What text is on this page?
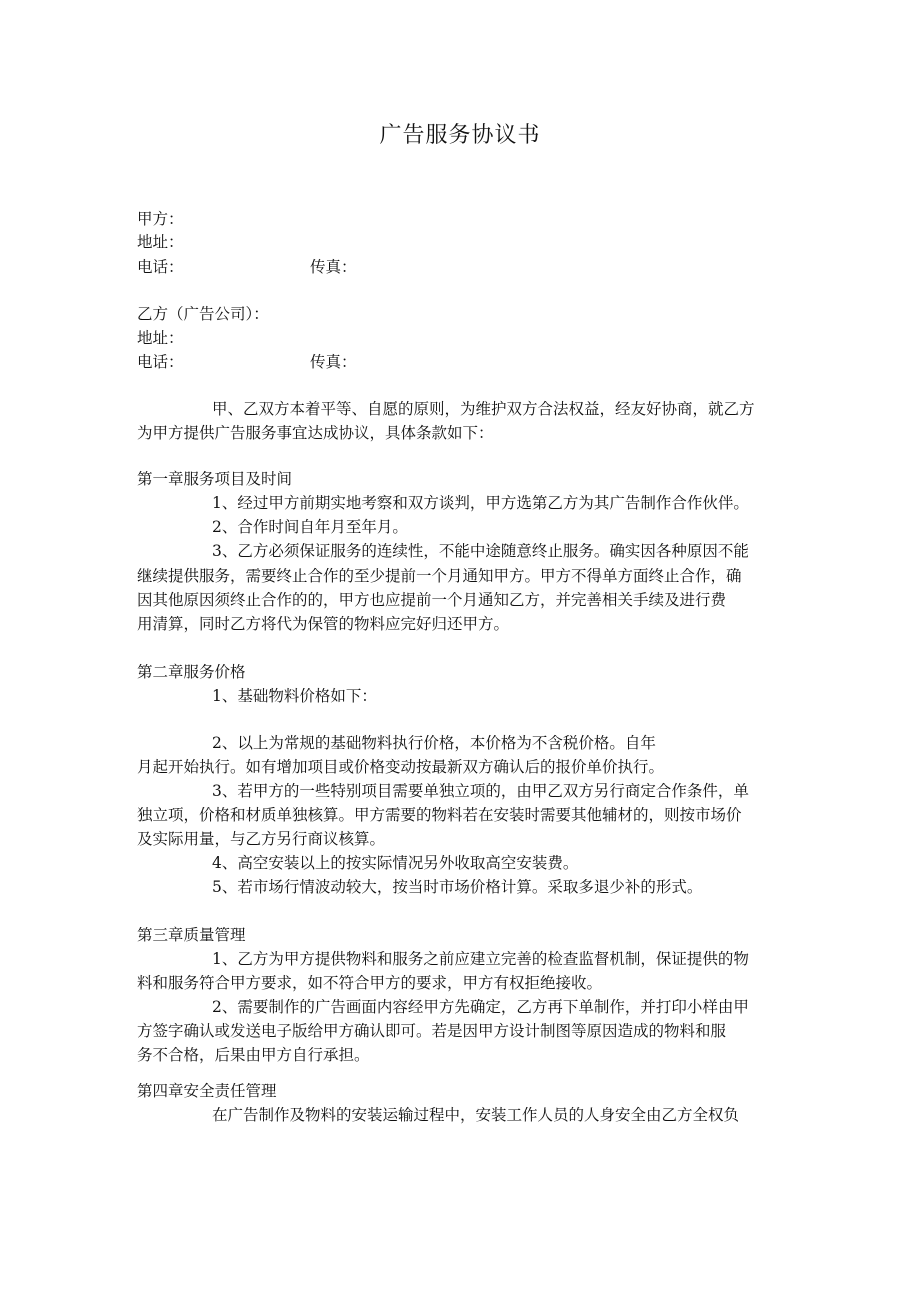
广告服务协议书
甲方：
地址：
电话：	传真：
乙方（广告公司）：
地址：
电话：	传真：
甲、乙双方本着平等、自愿的原则，为维护双方合法权益，经友好协商，就乙方
为甲方提供广告服务事宜达成协议，具体条款如下：
第一章服务项目及时间
1、经过甲方前期实地考察和双方谈判，甲方选第乙方为其广告制作合作伙伴。
2、合作时间自年月至年月。
3、乙方必须保证服务的连续性，不能中途随意终止服务。确实因各种原因不能
继续提供服务，需要终止合作的至少提前一个月通知甲方。甲方不得单方面终止合作，确
因其他原因须终止合作的的，甲方也应提前一个月通知乙方，并完善相关手续及进行费
用清算，同时乙方将代为保管的物料应完好归还甲方。
第二章服务价格
1、基础物料价格如下：
2、以上为常规的基础物料执行价格，本价格为不含税价格。自年
月起开始执行。如有增加项目或价格变动按最新双方确认后的报价单价执行。
3、若甲方的一些特别项目需要单独立项的，由甲乙双方另行商定合作条件，单
独立项，价格和材质单独核算。甲方需要的物料若在安装时需要其他辅材的，则按市场价
及实际用量，与乙方另行商议核算。
4、高空安装以上的按实际情况另外收取高空安装费。
5、若市场行情波动较大，按当时市场价格计算。采取多退少补的形式。
第三章质量管理
1、乙方为甲方提供物料和服务之前应建立完善的检查监督机制，保证提供的物
料和服务符合甲方要求，如不符合甲方的要求，甲方有权拒绝接收。
2、需要制作的广告画面内容经甲方先确定，乙方再下单制作，并打印小样由甲
方签字确认或发送电子版给甲方确认即可。若是因甲方设计制图等原因造成的物料和服
务不合格，后果由甲方自行承担。
第四章安全责任管理
在广告制作及物料的安装运输过程中，安装工作人员的人身安全由乙方全权负
